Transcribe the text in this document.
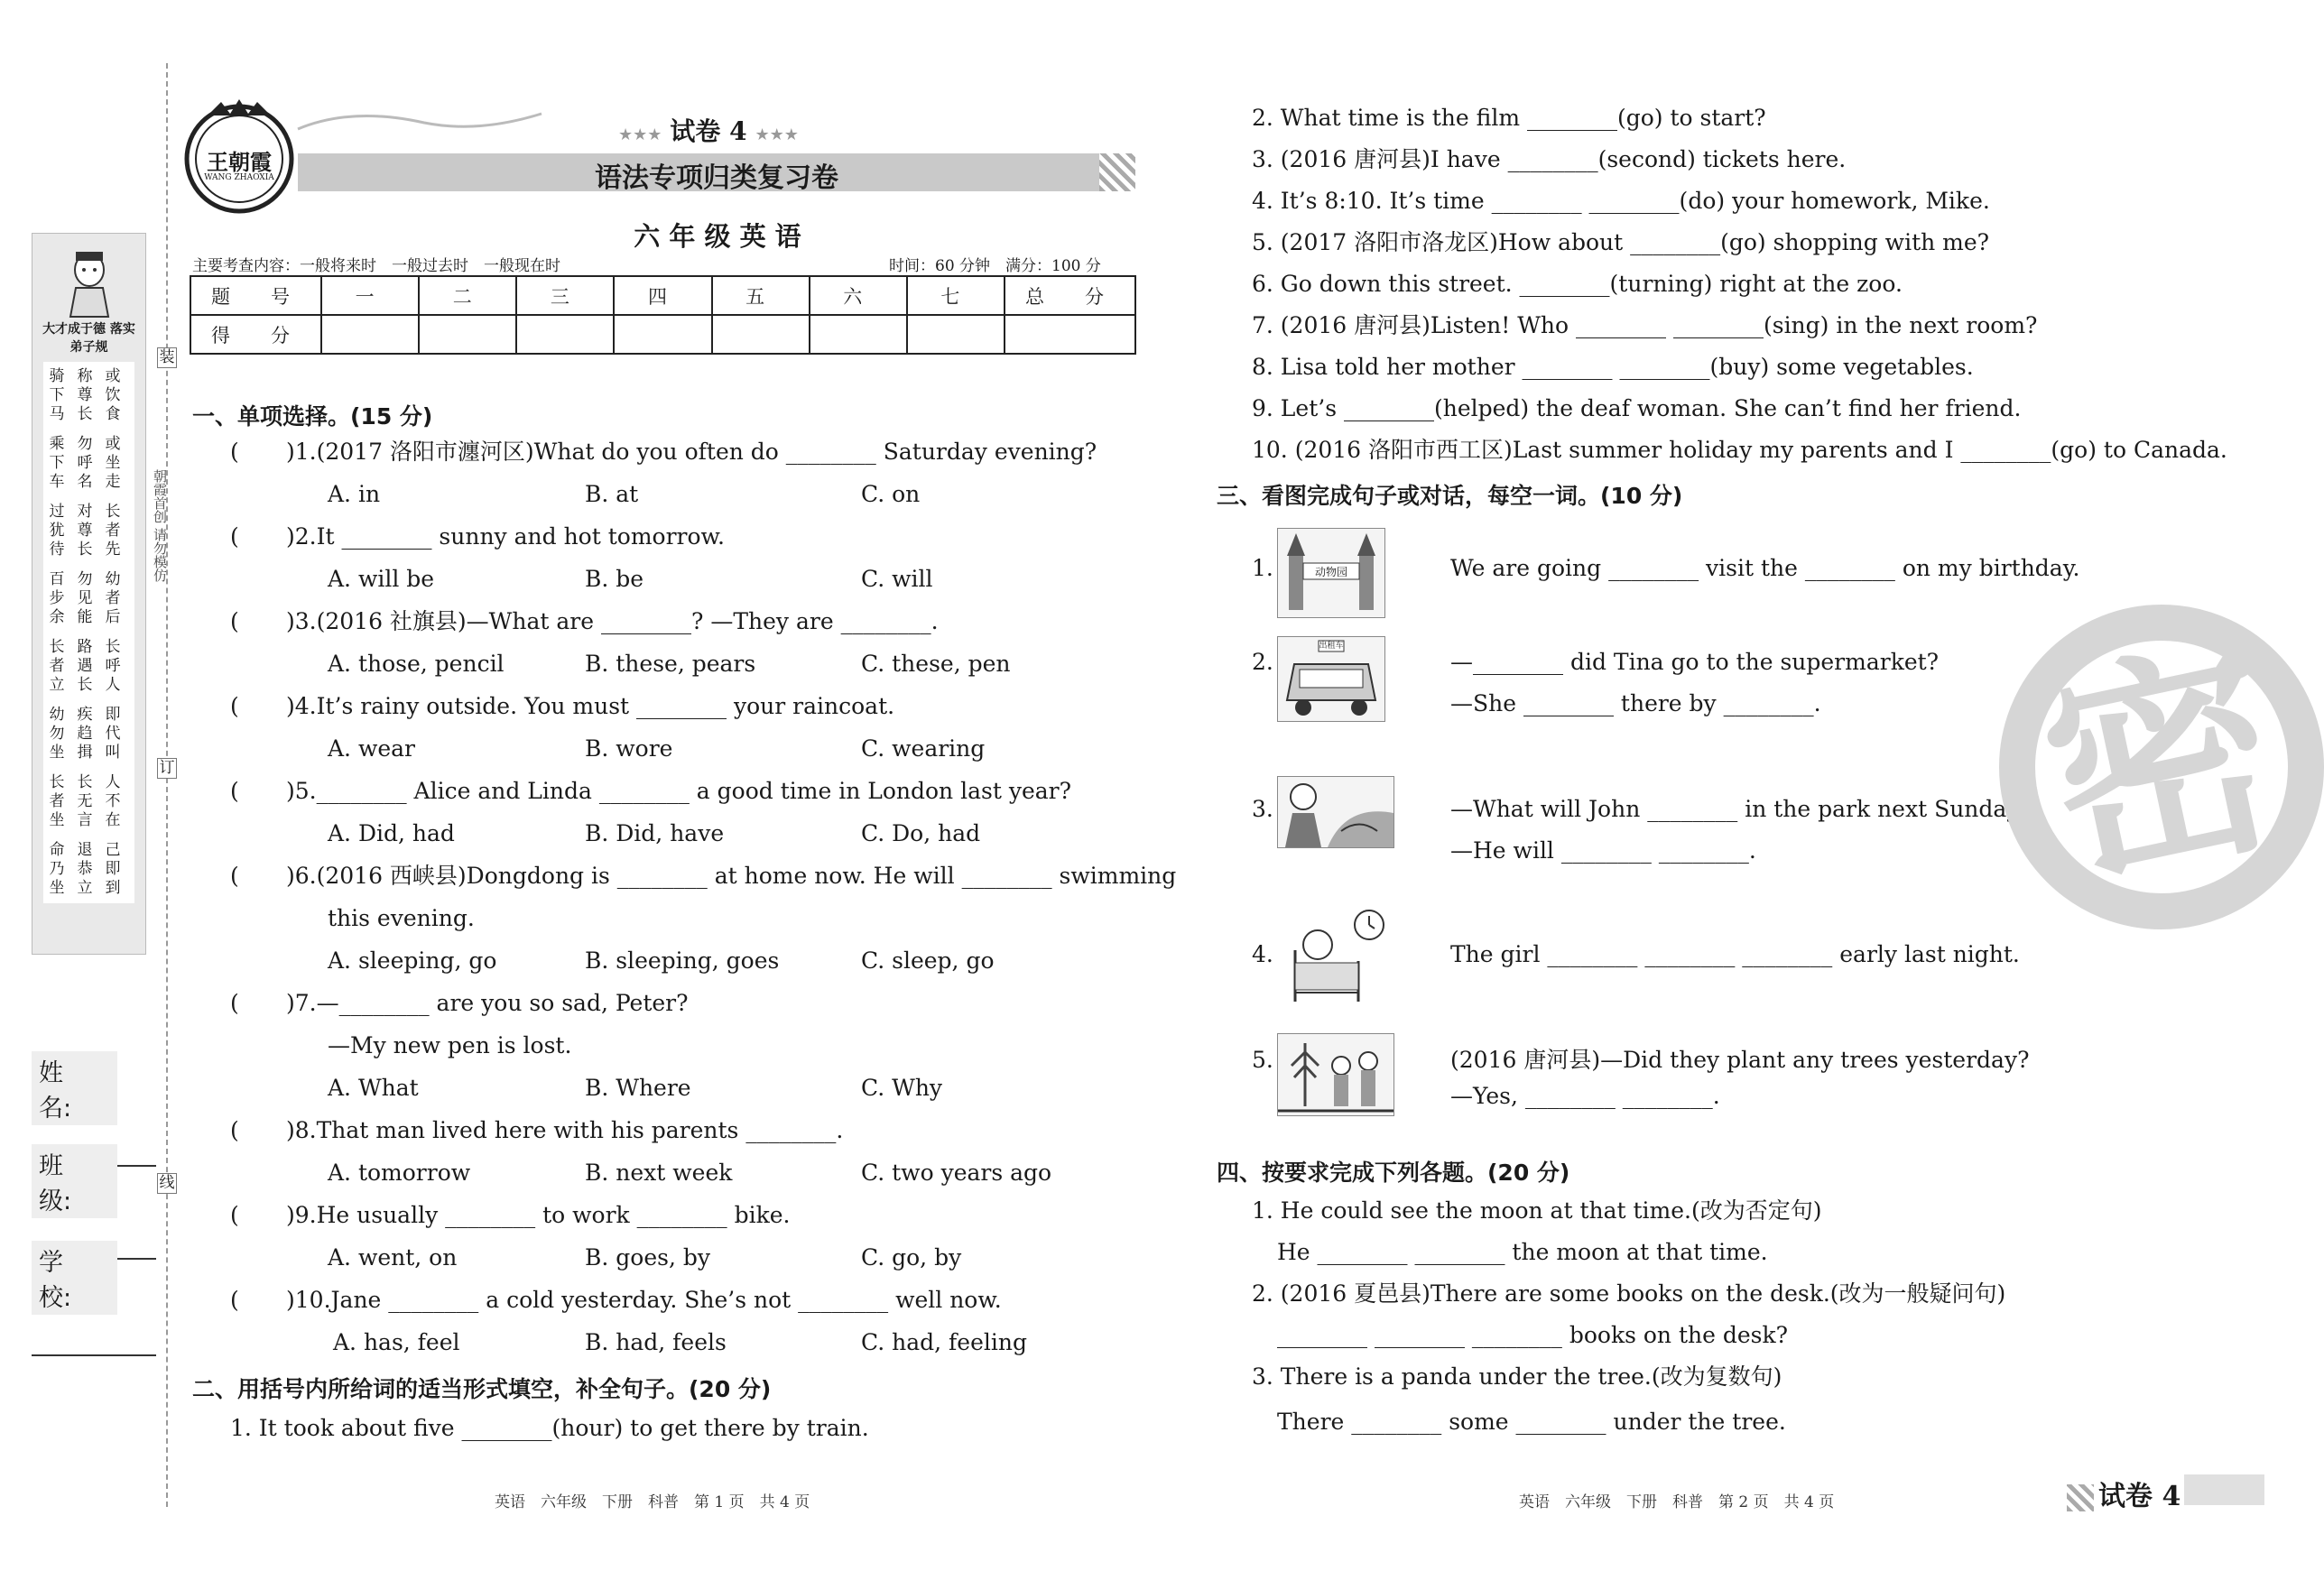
装
订
线
朝霞首创 请勿模仿
大才成于德 落实弟子规
骑下马
称尊长
或饮食
乘下车
勿呼名
或坐走
过犹待
对尊长
长者先
百步余
勿见能
幼者后
长者立
路遇长
长呼人
幼勿坐
疾趋揖
即代叫
长者坐
长无言
人不在
命乃坐
退恭立
己即到
姓　名:
班　级:
学　校:
王朝霞
WANG ZHAOXIA
★★★ 试卷 4 ★★★
语法专项归类复习卷
六 年 级 英 语
主要考查内容：一般将来时　一般过去时　一般现在时	时间：60 分钟　满分：100 分
题　号	一	二	三	四	五	六	七	总　分
得　分								
一、单项选择。(15 分)
( )1.(2017 洛阳市瀍河区)What do you often do ________ Saturday evening?
A. in	B. at	C. on
( )2.It ________ sunny and hot tomorrow.
A. will be	B. be	C. will
( )3.(2016 社旗县)—What are ________? —They are ________.
A. those, pencil	B. these, pears	C. these, pen
( )4.It’s rainy outside. You must ________ your raincoat.
A. wear	B. wore	C. wearing
( )5.________ Alice and Linda ________ a good time in London last year?
A. Did, had	B. Did, have	C. Do, had
( )6.(2016 西峡县)Dongdong is ________ at home now. He will ________ swimming
this evening.
A. sleeping, go	B. sleeping, goes	C. sleep, go
( )7.—________ are you so sad, Peter?
—My new pen is lost.
A. What	B. Where	C. Why
( )8.That man lived here with his parents ________.
A. tomorrow	B. next week	C. two years ago
( )9.He usually ________ to work ________ bike.
A. went, on	B. goes, by	C. go, by
( )10.Jane ________ a cold yesterday. She’s not ________ well now.
A. has, feel	B. had, feels	C. had, feeling
二、用括号内所给词的适当形式填空，补全句子。(20 分)
1. It took about five ________(hour) to get there by train.
2. What time is the film ________(go) to start?
3. (2016 唐河县)I have ________(second) tickets here.
4. It’s 8:10. It’s time ________ ________(do) your homework, Mike.
5. (2017 洛阳市洛龙区)How about ________(go) shopping with me?
6. Go down this street. ________(turning) right at the zoo.
7. (2016 唐河县)Listen! Who ________ ________(sing) in the next room?
8. Lisa told her mother ________ ________(buy) some vegetables.
9. Let’s ________(helped) the deaf woman. She can’t find her friend.
10. (2016 洛阳市西工区)Last summer holiday my parents and I ________(go) to Canada.
三、看图完成句子或对话，每空一词。(10 分)
1.	动物园	We are going ________ visit the ________ on my birthday.
2.
出租车
—________ did Tina go to the supermarket?
—She ________ there by ________.
3.	—What will John ________ in the park next Sunday?
—He will ________ ________.
4.	The girl ________ ________ ________ early last night.
5.	(2016 唐河县)—Did they plant any trees yesterday?
—Yes, ________ ________.
四、按要求完成下列各题。(20 分)
1. He could see the moon at that time.(改为否定句)
He ________ ________ the moon at that time.
2. (2016 夏邑县)There are some books on the desk.(改为一般疑问句)
________ ________ ________ books on the desk?
3. There is a panda under the tree.(改为复数句)
There ________ some ________ under the tree.
密
英语　六年级　下册　科普　第 1 页　共 4 页	英语　六年级　下册　科普　第 2 页　共 4 页	试卷 4
